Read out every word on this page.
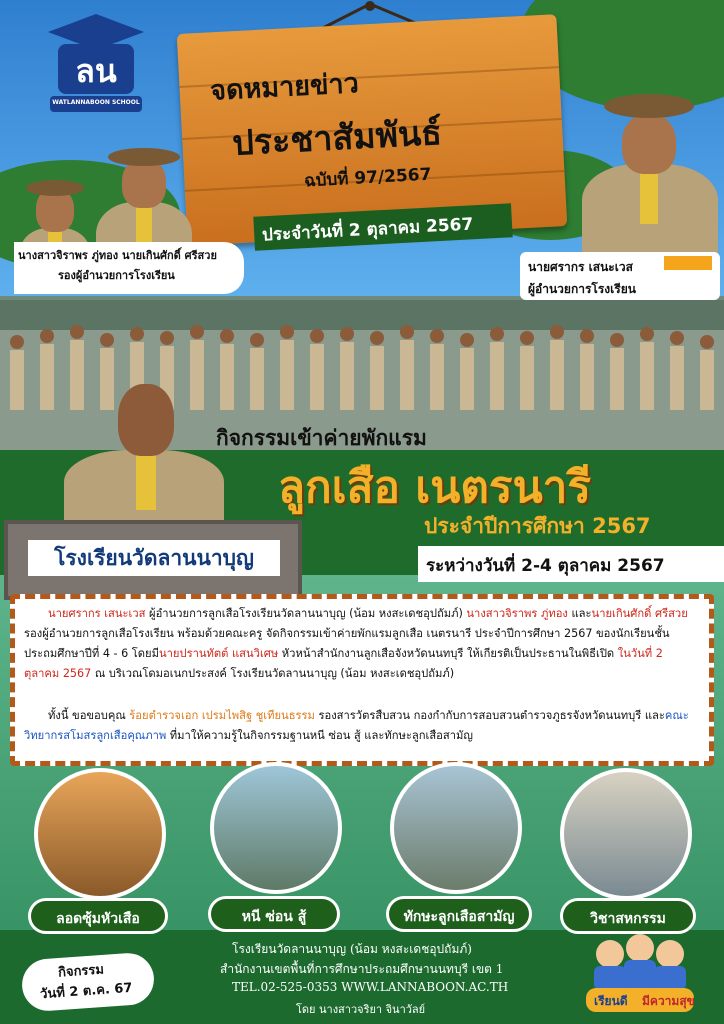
ลน
WATLANNABOON SCHOOL	จดหมายข่าว
ประชาสัมพันธ์
ฉบับที่ 97/2567
ประจำวันที่ 2 ตุลาคม 2567
นางสาวจิราพร ภู่ทอง นายเกินศักดิ์ ศรีสวย
รองผู้อำนวยการโรงเรียน
นายศรากร เสนะเวส
ผู้อำนวยการโรงเรียน
กิจกรรมเข้าค่ายพักแรม
ลูกเสือ เนตรนารี
ประจำปีการศึกษา 2567
ระหว่างวันที่ 2-4 ตุลาคม 2567
โรงเรียนวัดลานนาบุญ
นายศรากร เสนะเวส ผู้อำนวยการลูกเสือโรงเรียนวัดลานนาบุญ (น้อม หงสะเดชอุปถัมภ์) นางสาวจิราพร ภู่ทอง และนายเกินศักดิ์ ศรีสวย รองผู้อำนวยการลูกเสือโรงเรียน พร้อมด้วยคณะครู จัดกิจกรรมเข้าค่ายพักแรมลูกเสือ เนตรนารี ประจำปีการศึกษา 2567 ของนักเรียนชั้นประถมศึกษาปีที่ 4 - 6 โดยมีนายปรานทัตต์ แสนวิเศษ หัวหน้าสำนักงานลูกเสือจังหวัดนนทบุรี ให้เกียรติเป็นประธานในพิธีเปิด ในวันที่ 2 ตุลาคม 2567 ณ บริเวณโดมอเนกประสงค์ โรงเรียนวัดลานนาบุญ (น้อม หงสะเดชอุปถัมภ์)
ทั้งนี้ ขอขอบคุณ ร้อยตำรวจเอก เปรมไพสิฐ ชูเทียนธรรม รองสารวัตรสืบสวน กองกำกับการสอบสวนตำรวจภูธรจังหวัดนนทบุรี และคณะวิทยากรสโมสรลูกเสือคุณภาพ ที่มาให้ความรู้ในกิจกรรมฐานหนี ซ่อน สู้ และทักษะลูกเสือสามัญ
ลอดซุ้มหัวเสือ	หนี ซ่อน สู้	ทักษะลูกเสือสามัญ	วิชาสหกรรม
กิจกรรม
วันที่ 2 ต.ค. 67
โรงเรียนวัดลานนาบุญ (น้อม หงสะเดชอุปถัมภ์)
สำนักงานเขตพื้นที่การศึกษาประถมศึกษานนทบุรี เขต 1
TEL.02-525-0353 WWW.LANNABOON.AC.TH
โดย นางสาวจริยา จินาวัลย์
เรียนดี มีความสุข
